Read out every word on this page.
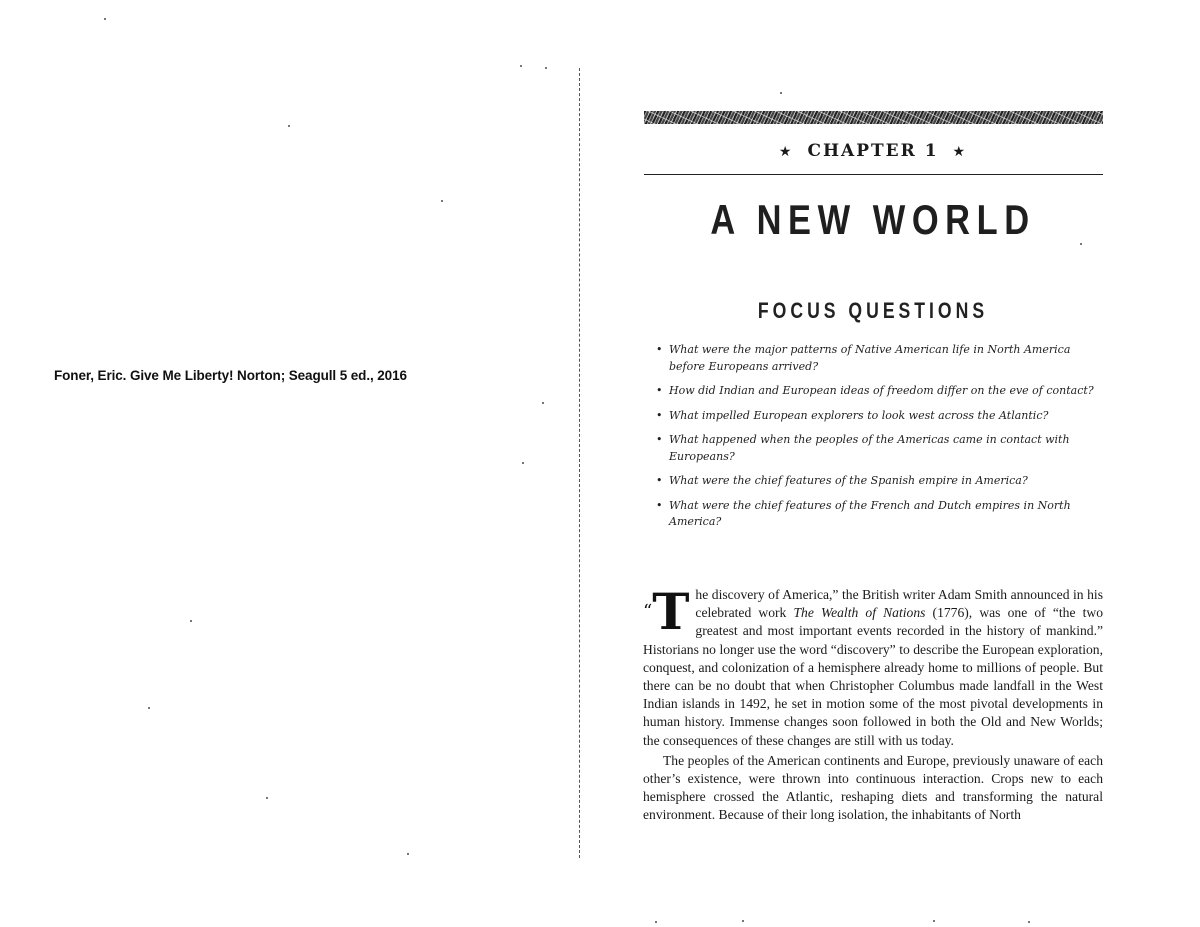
Foner, Eric. Give Me Liberty! Norton; Seagull 5 ed., 2016
★ CHAPTER 1 ★
A NEW WORLD
FOCUS QUESTIONS
• What were the major patterns of Native American life in North America before Europeans arrived?
• How did Indian and European ideas of freedom differ on the eve of contact?
• What impelled European explorers to look west across the Atlantic?
• What happened when the peoples of the Americas came in contact with Europeans?
• What were the chief features of the Spanish empire in America?
• What were the chief features of the French and Dutch empires in North America?

“T he discovery of America,” the British writer Adam Smith announced in his celebrated work The Wealth of Nations (1776), was one of “the two greatest and most important events recorded in the history of mankind.” Historians no longer use the word “discovery” to describe the European exploration, conquest, and colonization of a hemisphere already home to millions of people. But there can be no doubt that when Christopher Columbus made landfall in the West Indian islands in 1492, he set in motion some of the most pivotal developments in human history. Immense changes soon followed in both the Old and New Worlds; the consequences of these changes are still with us today.

The peoples of the American continents and Europe, previously unaware of each other’s existence, were thrown into continuous interaction. Crops new to each hemisphere crossed the Atlantic, reshaping diets and transforming the natural environment. Because of their long isolation, the inhabitants of North
